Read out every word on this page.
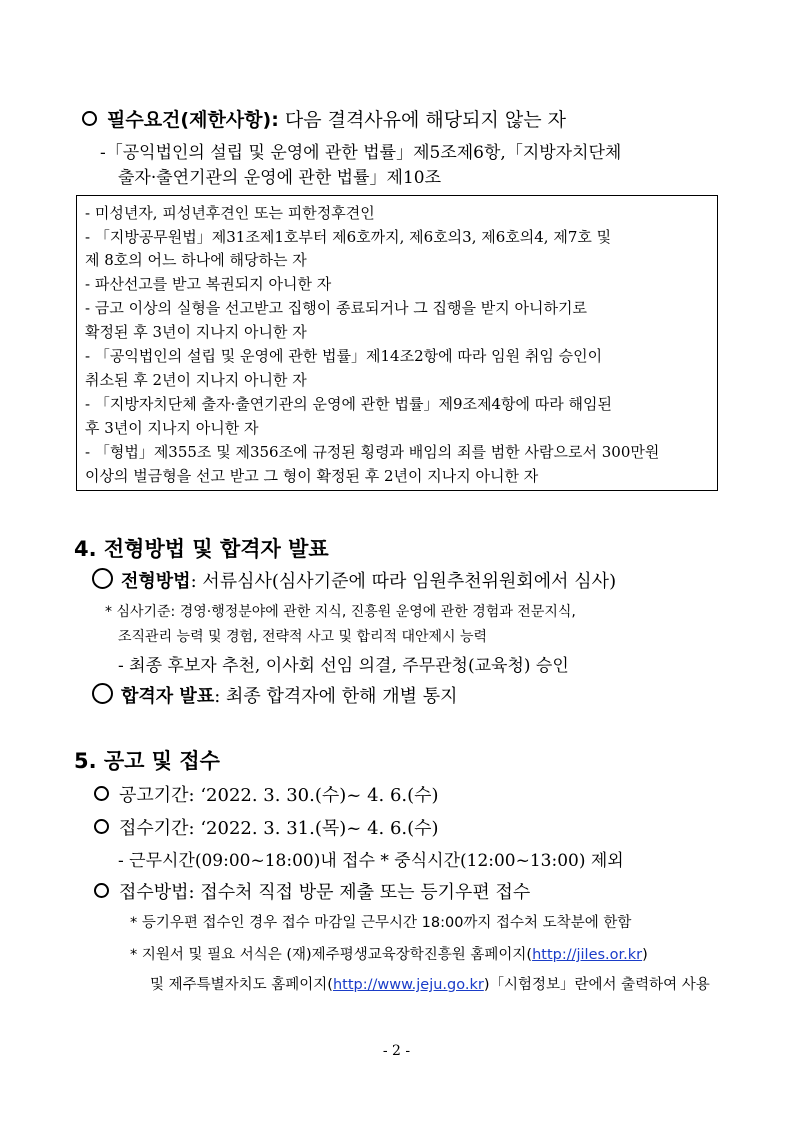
필수요건(제한사항): 다음 결격사유에 해당되지 않는 자
-「공익법인의 설립 및 운영에 관한 법률」제5조제6항,「지방자치단체
출자·출연기관의 운영에 관한 법률」제10조
- 미성년자, 피성년후견인 또는 피한정후견인
- 「지방공무원법」제31조제1호부터 제6호까지, 제6호의3, 제6호의4, 제7호 및
제 8호의 어느 하나에 해당하는 자
- 파산선고를 받고 복권되지 아니한 자
- 금고 이상의 실형을 선고받고 집행이 종료되거나 그 집행을 받지 아니하기로
확정된 후 3년이 지나지 아니한 자
- 「공익법인의 설립 및 운영에 관한 법률」제14조2항에 따라 임원 취임 승인이
취소된 후 2년이 지나지 아니한 자
- 「지방자치단체 출자·출연기관의 운영에 관한 법률」제9조제4항에 따라 해임된
후 3년이 지나지 아니한 자
- 「형법」제355조 및 제356조에 규정된 횡령과 배임의 죄를 범한 사람으로서 300만원
이상의 벌금형을 선고 받고 그 형이 확정된 후 2년이 지나지 아니한 자
4. 전형방법 및 합격자 발표
전형방법: 서류심사(심사기준에 따라 임원추천위원회에서 심사)
* 심사기준: 경영·행정분야에 관한 지식, 진흥원 운영에 관한 경험과 전문지식,
조직관리 능력 및 경험, 전략적 사고 및 합리적 대안제시 능력
- 최종 후보자 추천, 이사회 선임 의결, 주무관청(교육청) 승인
합격자 발표: 최종 합격자에 한해 개별 통지
5. 공고 및 접수
공고기간: ‘2022. 3. 30.(수)~ 4. 6.(수)
접수기간: ‘2022. 3. 31.(목)~ 4. 6.(수)
- 근무시간(09:00~18:00)내 접수 * 중식시간(12:00~13:00) 제외
접수방법: 접수처 직접 방문 제출 또는 등기우편 접수
* 등기우편 접수인 경우 접수 마감일 근무시간 18:00까지 접수처 도착분에 한함
* 지원서 및 필요 서식은 (재)제주평생교육장학진흥원 홈페이지(http://jiles.or.kr)
및 제주특별자치도 홈페이지(http://www.jeju.go.kr)「시험정보」란에서 출력하여 사용
- 2 -
